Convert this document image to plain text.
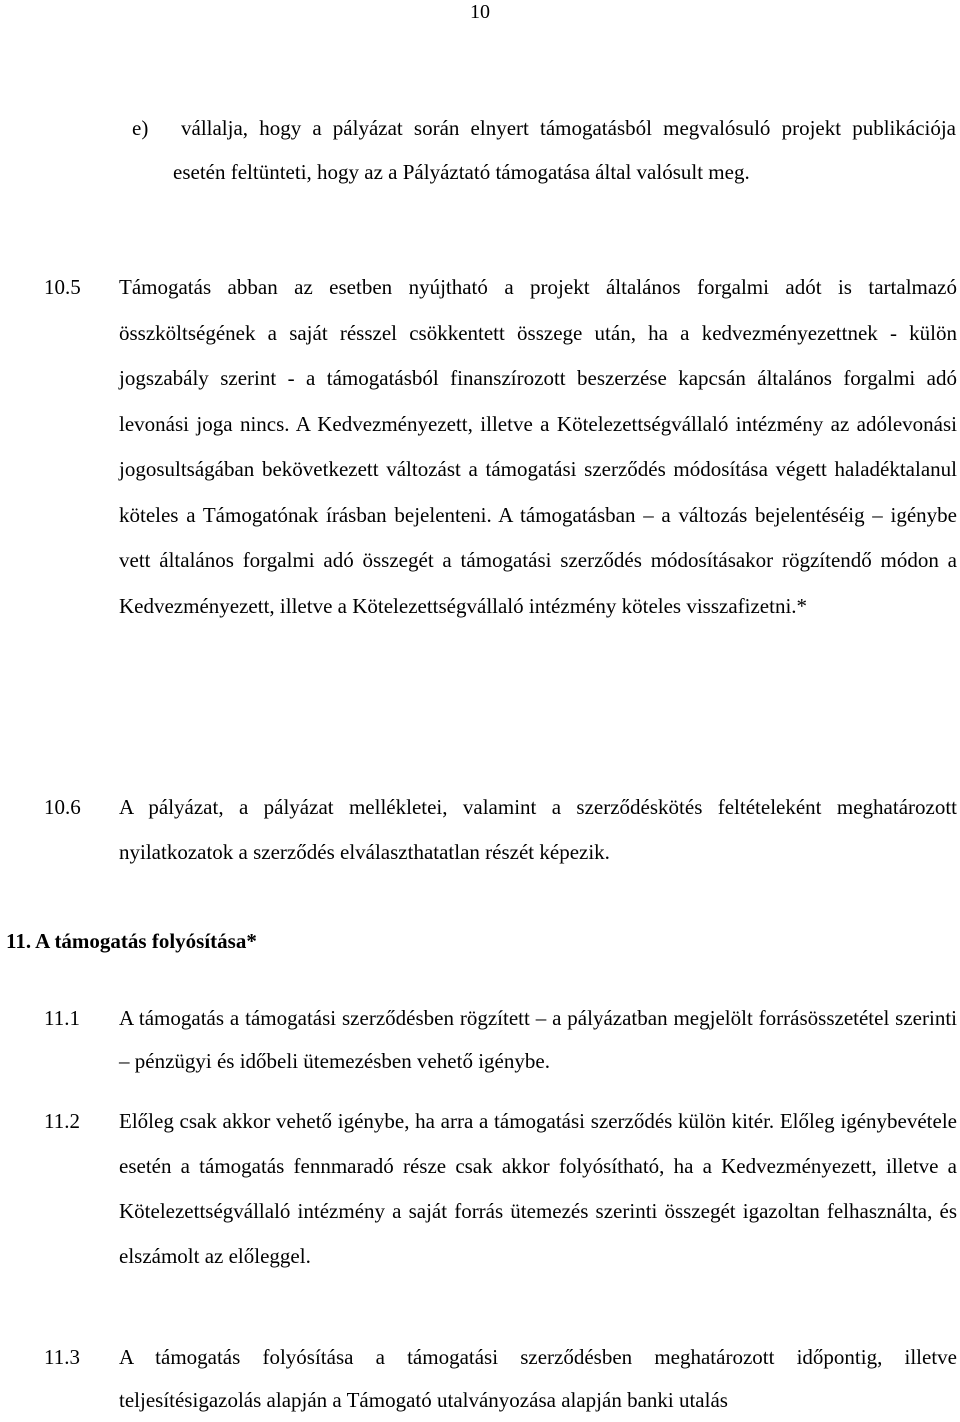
10
e)	vállalja, hogy a pályázat során elnyert támogatásból megvalósuló projekt publikációja esetén feltünteti, hogy az a Pályáztató támogatása által valósult meg.

10.5 Támogatás abban az esetben nyújtható a projekt általános forgalmi adót is tartalmazó összköltségének a saját résszel csökkentett összege után, ha a kedvezményezettnek - külön jogszabály szerint - a támogatásból finanszírozott beszerzése kapcsán általános forgalmi adó levonási joga nincs. A Kedvezményezett, illetve a Kötelezettségvállaló intézmény az adólevonási jogosultságában bekövetkezett változást a támogatási szerződés módosítása végett haladéktalanul köteles a Támogatónak írásban bejelenteni. A támogatásban – a változás bejelentéséig – igénybe vett általános forgalmi adó összegét a támogatási szerződés módosításakor rögzítendő módon a Kedvezményezett, illetve a Kötelezettségvállaló intézmény köteles visszafizetni.*

10.6 A pályázat, a pályázat mellékletei, valamint a szerződéskötés feltételeként meghatározott nyilatkozatok a szerződés elválaszthatatlan részét képezik.

11. A támogatás folyósítása*
11.1 A támogatás a támogatási szerződésben rögzített – a pályázatban megjelölt forrásösszetétel szerinti – pénzügyi és időbeli ütemezésben vehető igénybe.

11.2 Előleg csak akkor vehető igénybe, ha arra a támogatási szerződés külön kitér. Előleg igénybevétele esetén a támogatás fennmaradó része csak akkor folyósítható, ha a Kedvezményezett, illetve a Kötelezettségvállaló intézmény a saját forrás ütemezés szerinti összegét igazoltan felhasználta, és elszámolt az előleggel.

11.3 A támogatás folyósítása a támogatási szerződésben meghatározott időpontig, illetve teljesítésigazolás alapján a Támogató utalványozása alapján banki utalás
